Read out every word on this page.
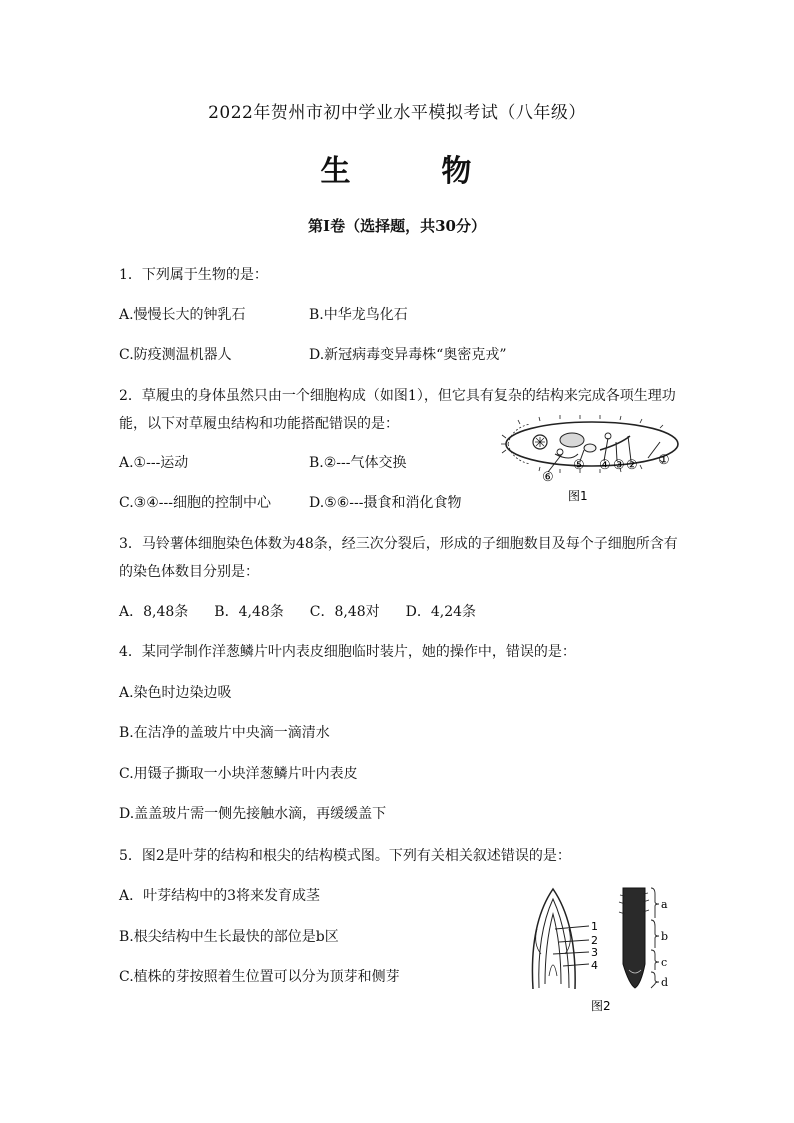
2022年贺州市初中学业水平模拟考试（八年级）
生  物
第Ⅰ卷（选择题，共30分）
1．下列属于生物的是：
A.慢慢长大的钟乳石	B.中华龙鸟化石
C.防疫测温机器人	D.新冠病毒变异毒株“奥密克戎”
2．草履虫的身体虽然只由一个细胞构成（如图1），但它具有复杂的结构来完成各项生理功
能，以下对草履虫结构和功能搭配错误的是：
A.①---运动	B.②---气体交换
C.③④---细胞的控制中心	D.⑤⑥---摄食和消化食物
①
②
③
④
⑤
⑥
图1
3．马铃薯体细胞染色体数为48条，经三次分裂后，形成的子细胞数目及每个子细胞所含有
的染色体数目分别是：
A．8,48条 B．4,48条 C．8,48对 D．4,24条
4．某同学制作洋葱鳞片叶内表皮细胞临时装片，她的操作中，错误的是：
A.染色时边染边吸
B.在洁净的盖玻片中央滴一滴清水
C.用镊子撕取一小块洋葱鳞片叶内表皮
D.盖盖玻片需一侧先接触水滴，再缓缓盖下
5．图2是叶芽的结构和根尖的结构模式图。下列有关相关叙述错误的是：
A．叶芽结构中的3将来发育成茎
B.根尖结构中生长最快的部位是b区
C.植株的芽按照着生位置可以分为顶芽和侧芽
1
2
3
4
a
b
c
d
图2
